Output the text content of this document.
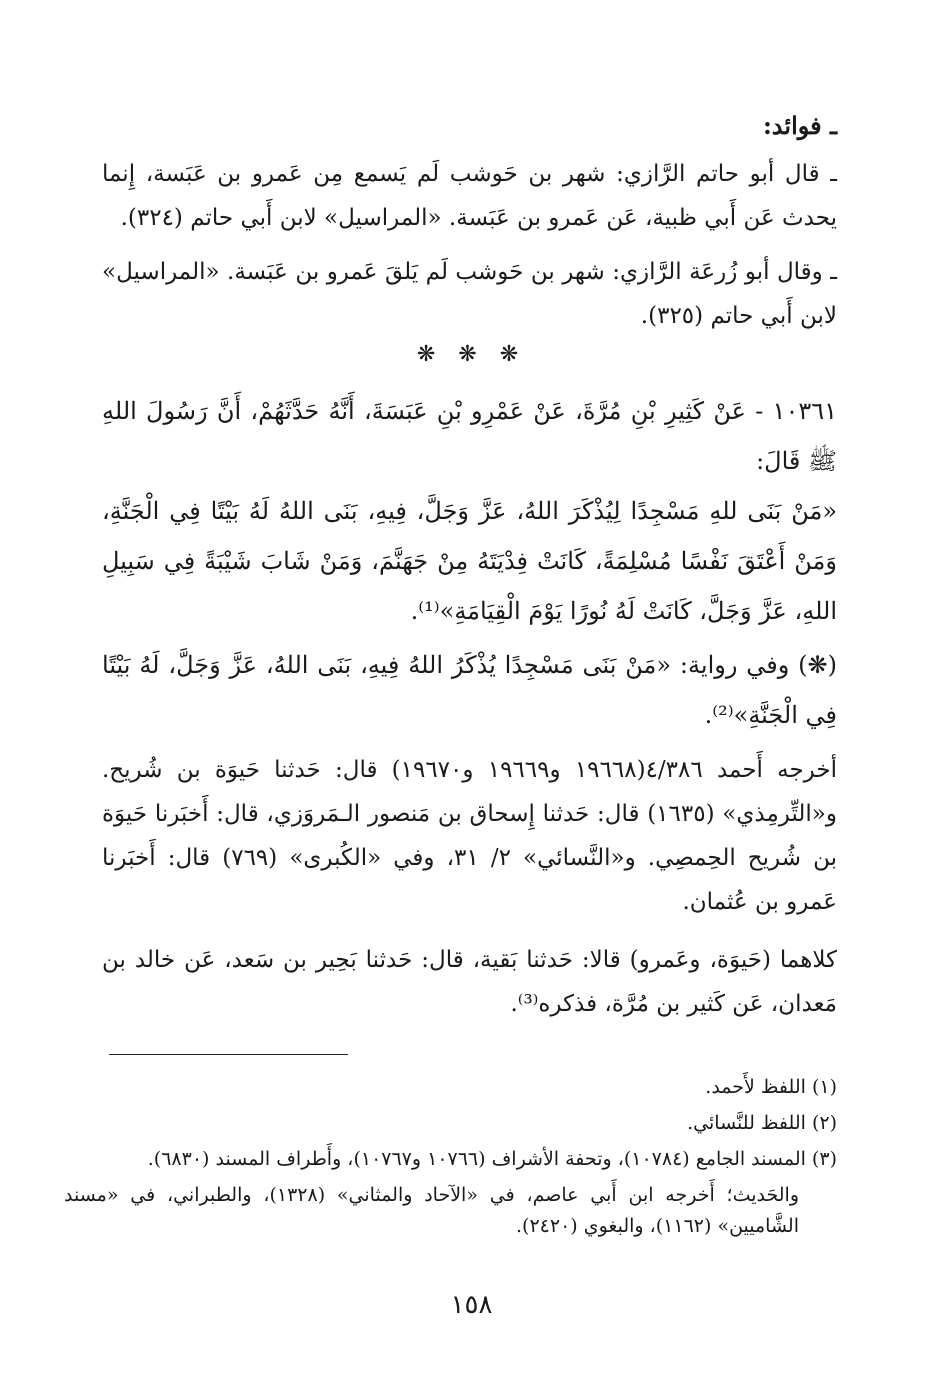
ـ فوائد:

ـ قال أبو حاتم الرَّازي: شهر بن حَوشب لَم يَسمع مِن عَمرو بن عَبَسة، إِنما يحدث عَن أَبي ظبية، عَن عَمرو بن عَبَسة. «المراسيل» لابن أَبي حاتم (٣٢٤).

ـ وقال أبو زُرعَة الرَّازي: شهر بن حَوشب لَم يَلقَ عَمرو بن عَبَسة. «المراسيل» لابن أَبي حاتم (٣٢٥).

❋ ❋ ❋

١٠٣٦١ - عَنْ كَثِيرِ بْنِ مُرَّةَ، عَنْ عَمْرِو بْنِ عَبَسَةَ، أَنَّهُ حَدَّثَهُمْ، أَنَّ رَسُولَ اللهِ ﷺ قَالَ:

«مَنْ بَنَى للهِ مَسْجِدًا لِيُذْكَرَ اللهُ، عَزَّ وَجَلَّ، فِيهِ، بَنَى اللهُ لَهُ بَيْتًا فِي الْجَنَّةِ، وَمَنْ أَعْتَقَ نَفْسًا مُسْلِمَةً، كَانَتْ فِدْيَتَهُ مِنْ جَهَنَّمَ، وَمَنْ شَابَ شَيْبَةً فِي سَبِيلِ اللهِ، عَزَّ وَجَلَّ، كَانَتْ لَهُ نُورًا يَوْمَ الْقِيَامَةِ»⁽¹⁾.

(❋) وفي رواية: «مَنْ بَنَى مَسْجِدًا يُذْكَرُ اللهُ فِيهِ، بَنَى اللهُ، عَزَّ وَجَلَّ، لَهُ بَيْتًا فِي الْجَنَّةِ»⁽²⁾.

أخرجه أَحمد ٤/٣٨٦(١٩٦٦٨ و١٩٦٦٩ و١٩٦٧٠) قال: حَدثنا حَيوَة بن شُريح. و«التِّرمِذي» (١٦٣٥) قال: حَدثنا إِسحاق بن مَنصور الـمَروَزي، قال: أَخبَرنا حَيوَة بن شُريح الحِمصِي. و«النَّسائي» ٢/ ٣١، وفي «الكُبرى» (٧٦٩) قال: أَخبَرنا عَمرو بن عُثمان.

كلاهما (حَيوَة، وعَمرو) قالا: حَدثنا بَقية، قال: حَدثنا بَحِير بن سَعد، عَن خالد بن مَعدان، عَن كَثير بن مُرَّة، فذكره⁽³⁾.

(١) اللفظ لأَحمد.

(٢) اللفظ للنَّسائي.

(٣) المسند الجامع (١٠٧٨٤)، وتحفة الأشراف (١٠٧٦٦ و١٠٧٦٧)، وأَطراف المسند (٦٨٣٠).

والحَديث؛ أَخرجه ابن أَبي عاصم، في «الآحاد والمثاني» (١٣٢٨)، والطبراني، في «مسند الشَّاميين» (١١٦٢)، والبغوي (٢٤٢٠).

١٥٨
